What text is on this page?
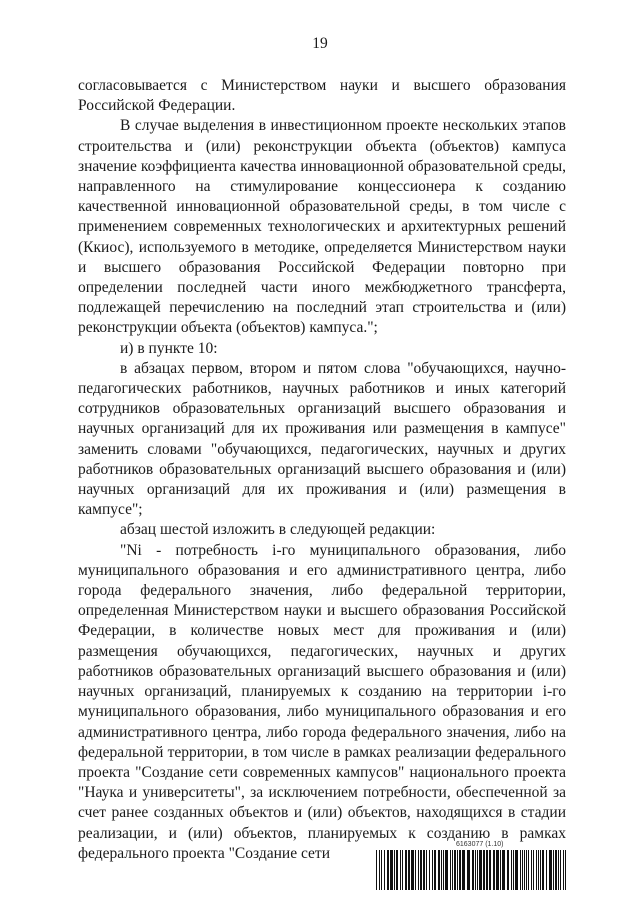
19

согласовывается с Министерством науки и высшего образования Российской Федерации.

В случае выделения в инвестиционном проекте нескольких этапов строительства и (или) реконструкции объекта (объектов) кампуса значение коэффициента качества инновационной образовательной среды, направленного на стимулирование концессионера к созданию качественной инновационной образовательной среды, в том числе с применением современных технологических и архитектурных решений (Ккиос), используемого в методике, определяется Министерством науки и высшего образования Российской Федерации повторно при определении последней части иного межбюджетного трансферта, подлежащей перечислению на последний этап строительства и (или) реконструкции объекта (объектов) кампуса.";

и) в пункте 10:

в абзацах первом, втором и пятом слова "обучающихся, научно-педагогических работников, научных работников и иных категорий сотрудников образовательных организаций высшего образования и научных организаций для их проживания или размещения в кампусе" заменить словами "обучающихся, педагогических, научных и других работников образовательных организаций высшего образования и (или) научных организаций для их проживания и (или) размещения в кампусе";

абзац шестой изложить в следующей редакции:

"Ni - потребность i-го муниципального образования, либо муниципального образования и его административного центра, либо города федерального значения, либо федеральной территории, определенная Министерством науки и высшего образования Российской Федерации, в количестве новых мест для проживания и (или) размещения обучающихся, педагогических, научных и других работников образовательных организаций высшего образования и (или) научных организаций, планируемых к созданию на территории i-го муниципального образования, либо муниципального образования и его административного центра, либо города федерального значения, либо на федеральной территории, в том числе в рамках реализации федерального проекта "Создание сети современных кампусов" национального проекта "Наука и университеты", за исключением потребности, обеспеченной за счет ранее созданных объектов и (или) объектов, находящихся в стадии реализации, и (или) объектов, планируемых к созданию в рамках федерального проекта "Создание сети

6163077 (1.10)
